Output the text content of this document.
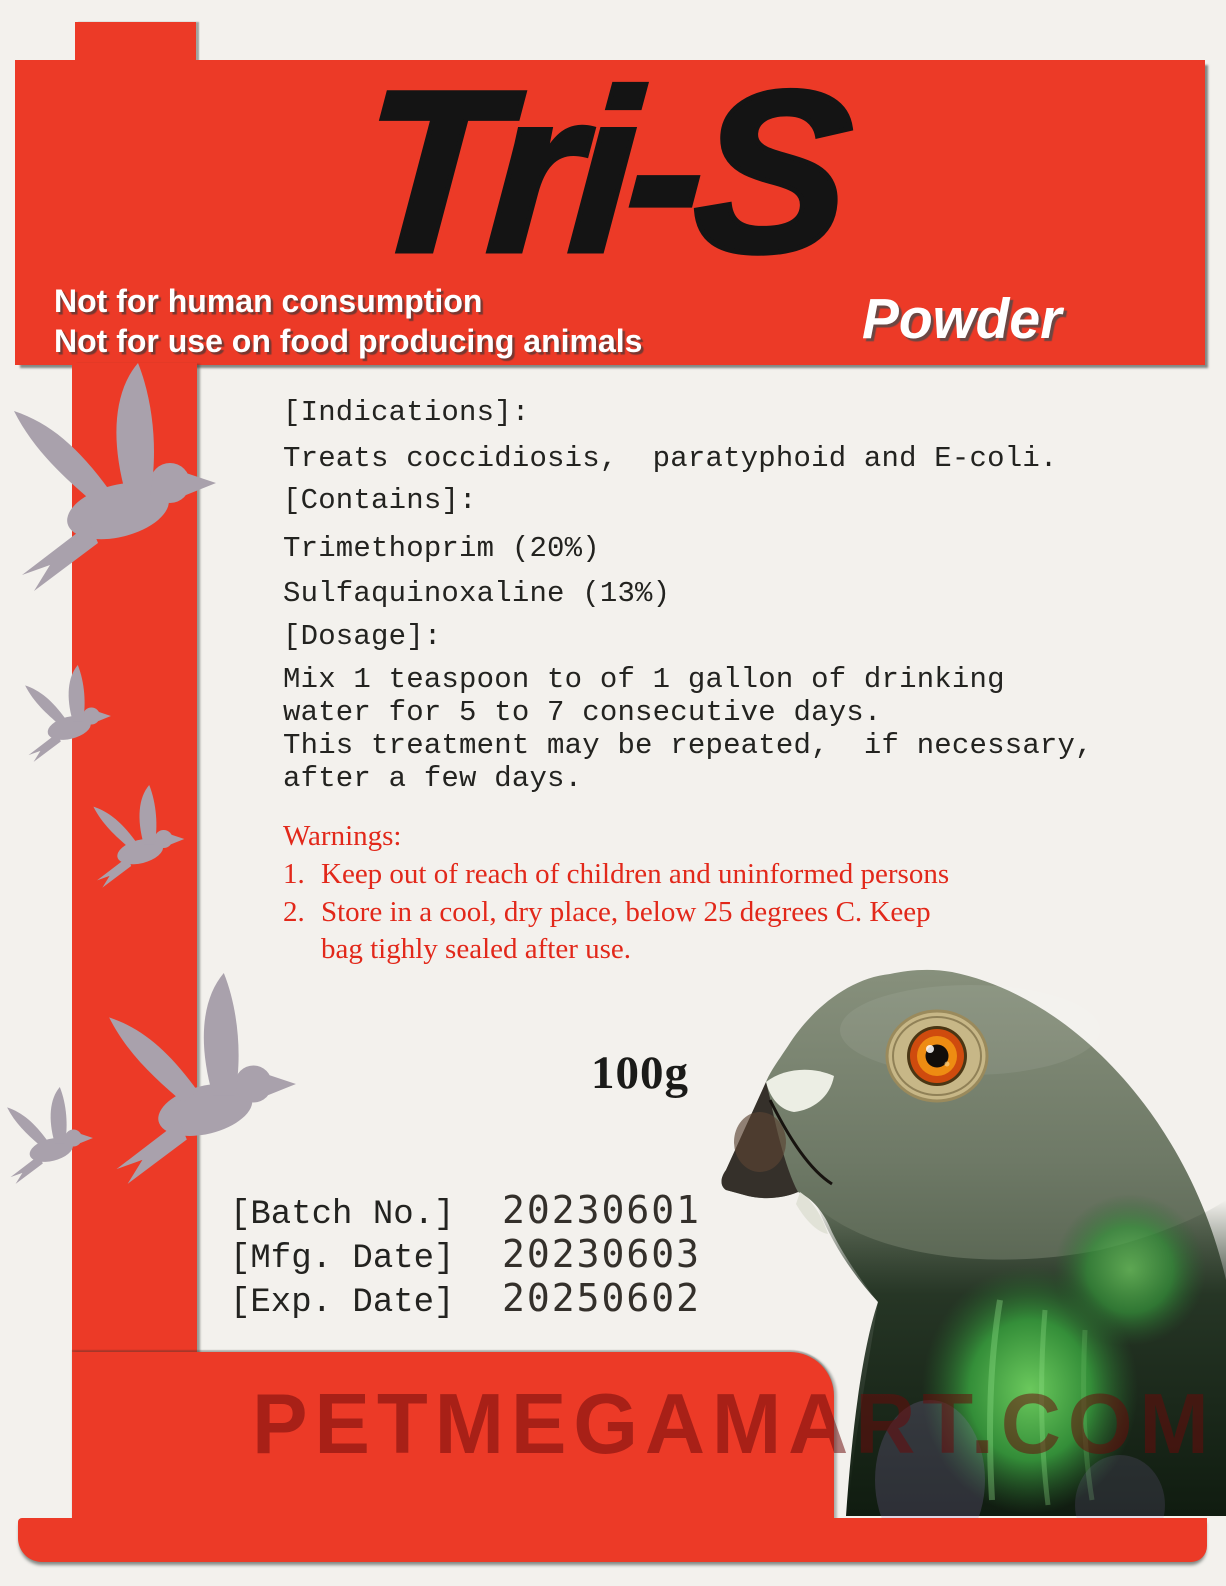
Tri-S
Not for human consumption
Not for use on food producing animals	Powder
[Indications]:
Treats coccidiosis,  paratyphoid and E-coli.
[Contains]:
Trimethoprim (20%)
Sulfaquinoxaline (13%)
[Dosage]:
Mix 1 teaspoon to of 1 gallon of drinking
water for 5 to 7 consecutive days.
This treatment may be repeated,  if necessary,
after a few days.
Warnings:
1. Keep out of reach of children and uninformed persons
2. Store in a cool, dry place, below 25 degrees C. Keep
bag tighly sealed after use.
100g
[Batch No.]	20230601
[Mfg. Date]	20230603
[Exp. Date]	20250602
PETMEGAMART.COM
